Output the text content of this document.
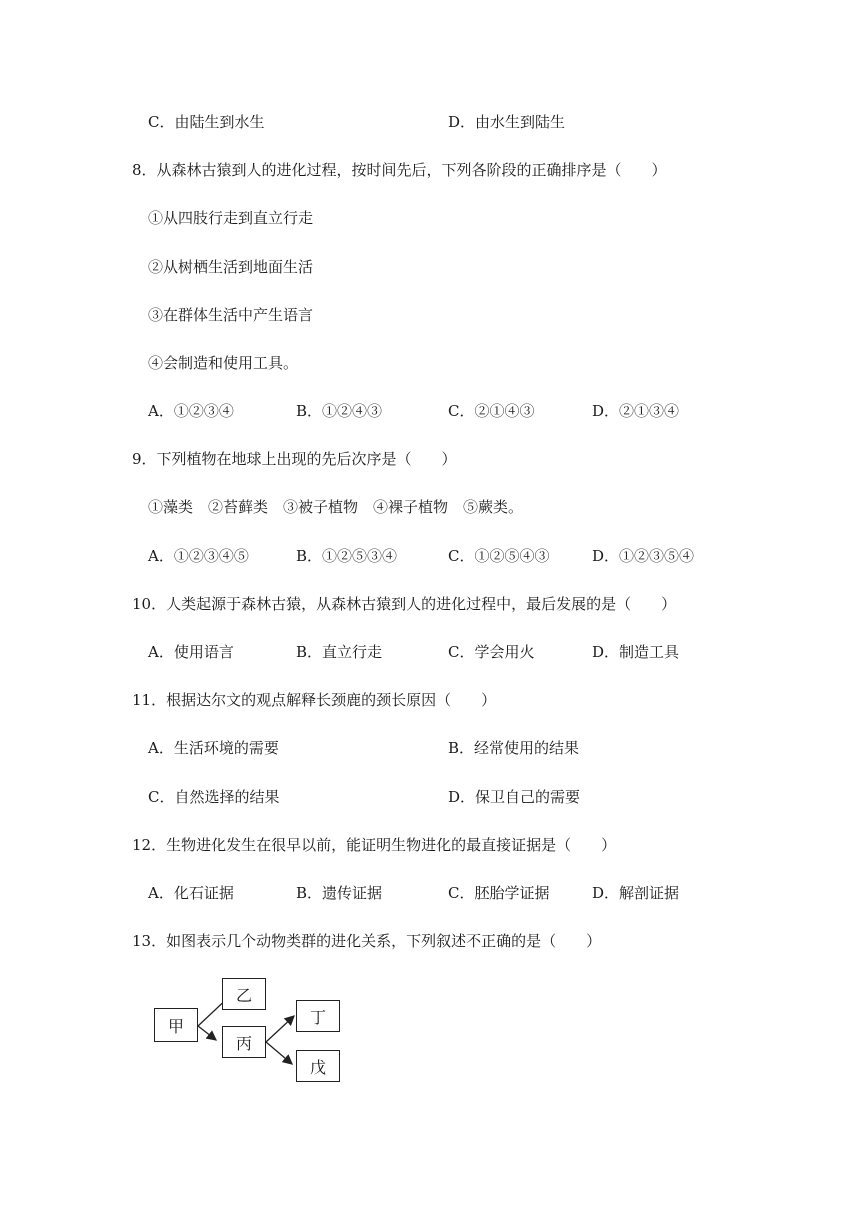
C．由陆生到水生	D．由水生到陆生
8．从森林古猿到人的进化过程，按时间先后，下列各阶段的正确排序是（　　）
①从四肢行走到直立行走
②从树栖生活到地面生活
③在群体生活中产生语言
④会制造和使用工具。
A．①②③④	B．①②④③	C．②①④③	D．②①③④
9．下列植物在地球上出现的先后次序是（　　）
①藻类　②苔藓类　③被子植物　④裸子植物　⑤蕨类。
A．①②③④⑤	B．①②⑤③④	C．①②⑤④③	D．①②③⑤④
10．人类起源于森林古猿，从森林古猿到人的进化过程中，最后发展的是（　　）
A．使用语言	B．直立行走	C．学会用火	D．制造工具
11．根据达尔文的观点解释长颈鹿的颈长原因（　　）
A．生活环境的需要	B．经常使用的结果
C．自然选择的结果	D．保卫自己的需要
12．生物进化发生在很早以前，能证明生物进化的最直接证据是（　　）
A．化石证据	B．遗传证据	C．胚胎学证据	D．解剖证据
13．如图表示几个动物类群的进化关系，下列叙述不正确的是（　　）
甲
乙
丙
丁
戊
